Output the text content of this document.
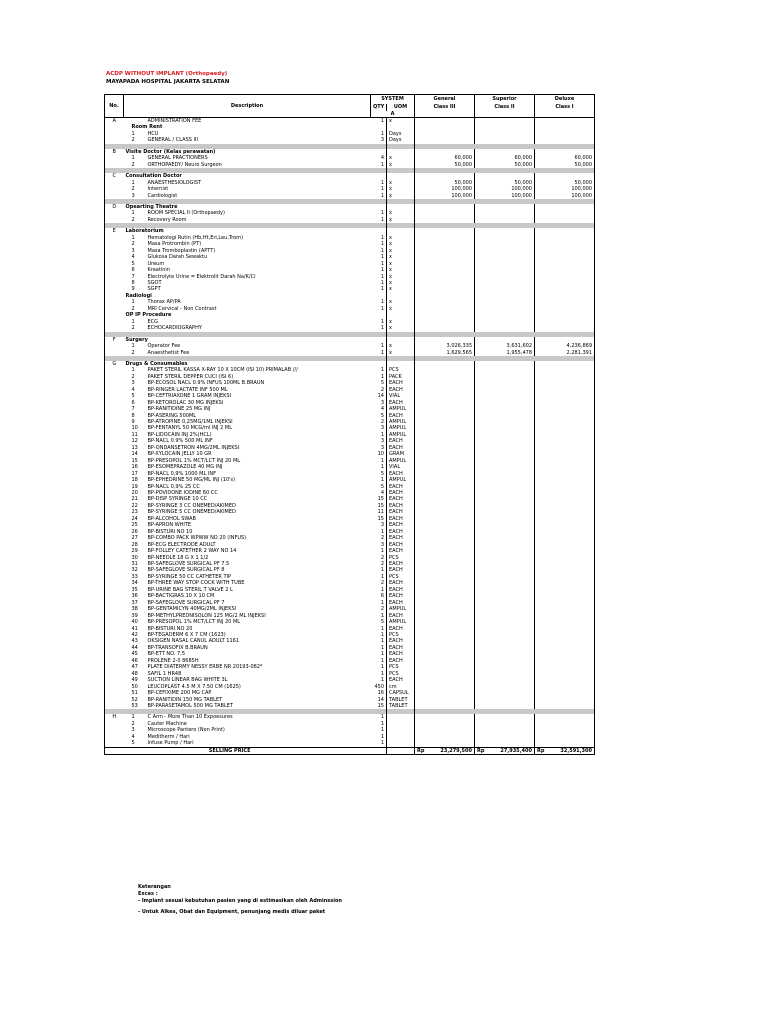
ACDP WITHOUT IMPLANT (Orthopaedy)
MAYAPADA HOSPITAL JAKARTA SELATAN
No.	Description	SYSTEM		General		Superior		Deluxe	
		QTY	UOM	Class III		Class II		Class I	
		A							
A	ADMINISTRATION FEE	1	x						
	Room Rent								
	1 HCU	1	Days						
	2 GENERAL / CLASS III	3	Days						

B	Visite Doctor (Kelas perawatan)								
	1 GENERAL PRACTIONERS	4	x		60,000		60,000		60,000
	2 ORTHOPAEDY/ Neuro Surgeon	1	x		50,000		50,000		50,000

C	Consultation Doctor								
	1 ANAESTHESIOLOGIST	1	x		50,000		50,000		50,000
	2 Internist	1	x		100,000		100,000		100,000
	3 Cardiologist	1	x		100,000		100,000		100,000

D	Opearting Theatre								
	1 ROOM SPECIAL II (Orthopaedy)	1	x						
	2 Recovery Room	1	x						

E	Laboratorium								
	1 Hematologi Rutin (Hb,Ht,Eri,Leu,Trom)	1	x						
	2 Masa Protrombin (PT)	1	x						
	3 Masa Tromboplastin (APTT)	1	x						
	4 Glukosa Darah Sewaktu	1	x						
	5 Ureum	1	x						
	6 Kreatinin	1	x						
	7 Electrolyte Urine = Elektrolit Darah Na/K/Cl	1	x						
	8 SGOT	1	x						
	9 SGPT	1	x						
	Radiologi								
	1 Thorax AP/PA	1	x						
	2 MRI Cervical - Non Contrast	1	x						
	OP IP Procedure								
	1 ECG	1	x						
	2 ECHOCARDIOGRAPHY	1	x						

F	Surgery								
	1 Operator Fee	1	x		3,026,335		3,631,602		4,236,869
	2 Anaesthetist Fee	1	x		1,629,565		1,955,478		2,281,391

G	Drugs & Consumables								

	1 PAKET STERIL KASSA X-RAY 10 X 10CM (ISI 10) PRIMALAB ///	1	PCS						
	2 PAKET STERIL DEPPER CUCI (ISI 6)	1	PACK						
	3 BP-ECOSOL NACL 0.9% INFUS 100ML B.BRAUN	5	EACH						
	4 BP-RINGER LACTATE INF 500 ML	2	EACH						
	5 BP-CEFTRIAXONE 1 GRAM INJEKSI	14	VIAL						
	6 BP-KETOROLAC 30 MG INJEKSI	3	EACH						
	7 BP-RANITIDINE 25 MG INJ	4	AMPUL						
	8 BP-ASERING 500ML	5	EACH						
	9 BP-ATROPINE 0,25MG/1ML INJEKSI	2	AMPUL						
	10 BP-FENTANYL 50 MCG/ml INJ 2 ML	3	AMPUL						
	11 BP-LIDOCAIN INJ 2%(HCL)	1	AMPUL						
	12 BP-NACL 0.9% 500 ML INF	3	EACH						
	13 BP-ONDANSETRON 4MG/2ML INJEKSI	3	EACH						
	14 BP-XYLOCAIN JELLY 10 GR	10	GRAM						
	15 BP-PRESOPOL 1% MCT/LCT INJ 20 ML	1	AMPUL						
	16 BP-ESOMEPRAZOLE 40 MG INJ	1	VIAL						
	17 BP-NACL 0,9% 1000 ML INF	5	EACH						
	18 BP-EPHEDRINE 50 MG/ML INJ (10's)	1	AMPUL						
	19 BP-NACL 0,9% 25 CC	5	EACH						
	20 BP-POVIDONE IODINE 60 CC	4	EACH						
	21 BP-DISP SYRINGE 10 CC	15	EACH						
	22 BP-SYRINGE 3 CC ONEMED/AKIMED	15	EACH						
	23 BP-SYRINGE 5 CC ONEMED/AKIMED	11	EACH						
	24 BP-ALCOHOL SWAB	15	EACH						
	25 BP-APRON WHITE	3	EACH						
	26 BP-BISTURI NO 10	1	EACH						
	27 BP-COMBO PACK WPWW NO 20 (INFUS)	2	EACH						
	28 BP-ECG ELECTRODE ADULT	3	EACH						
	29 BP-FOLLEY CATETHER 2 WAY NO 14	1	EACH						
	30 BP-NEEDLE 18 G X 1 1/2	2	PCS						
	31 BP-SAFEGLOVE SURGICAL PF 7.5	2	EACH						
	32 BP-SAFEGLOVE SURGICAL PF 8	1	EACH						
	33 BP-SYRINGE 50 CC CATHETER TIP	1	PCS						
	34 BP-THREE WAY STOP COCK WITH TUBE	2	EACH						
	35 BP-URINE BAG STERIL T VALVE 2 L	1	EACH						
	36 BP-BACTIGRAS 10 X 10 CM	6	EACH						
	37 BP-SAFEGLOVE SURGICAL PF 7	1	EACH						
	38 BP-GENTAMICYN 40MG/2ML INJEKSI	2	AMPUL						
	39 BP-METHYLPREDNISOLON 125 MG/2 ML INJEKSI	1	EACH						
	40 BP-PRESOPOL 1% MCT/LCT INJ 20 ML	5	AMPUL						
	41 BP-BISTURI NO 20	1	EACH						
	42 BP-TEGADERM 6 X 7 CM (1623)	1	PCS						
	43 OKSIGEN NASAL CANUL ADULT 1161	1	EACH						
	44 BP-TRANSOFIX B.BRAUN	1	EACH						
	45 BP-ETT NO. 7,5	1	EACH						
	46 PROLENE 2-0 8685H	1	EACH						
	47 PLATE DIATERMY NESSY ERBE NR 20193-082*	1	PCS						
	48 SAFIL 1 HR48	1	PCS						
	49 SUCTION LINEAR BAG WHITE 3L	1	EACH						
	50 LEUCOPLAST 4.5 M X 7.50 CM (1625)	450	cm						
	51 BP-CEFIXIME 200 MG CAP	16	CAPSUL						
	52 BP-RANITIDIN 150 MG TABLET	14	TABLET						
	53 BP-PARASETAMOL 500 MG TABLET	15	TABLET						

H	1 C Arm - More Than 10 Expoesures	1							
	2 Cauter Machine	1							
	3 Microscope Pantero (Non Print)	1							
	4 Meditherm / Hari	1							
	5 Infuse Pump / Hari	1							

SELLING PRICE				Rp	23,279,500	Rp	27,935,400	Rp	32,591,300
Keterangan
Exces :
- Implant sesuai kebutuhan pasien yang di estimasikan oleh Adminssion
- Untuk Alkes, Obat dan Equipment, penunjang medis diluar paket
